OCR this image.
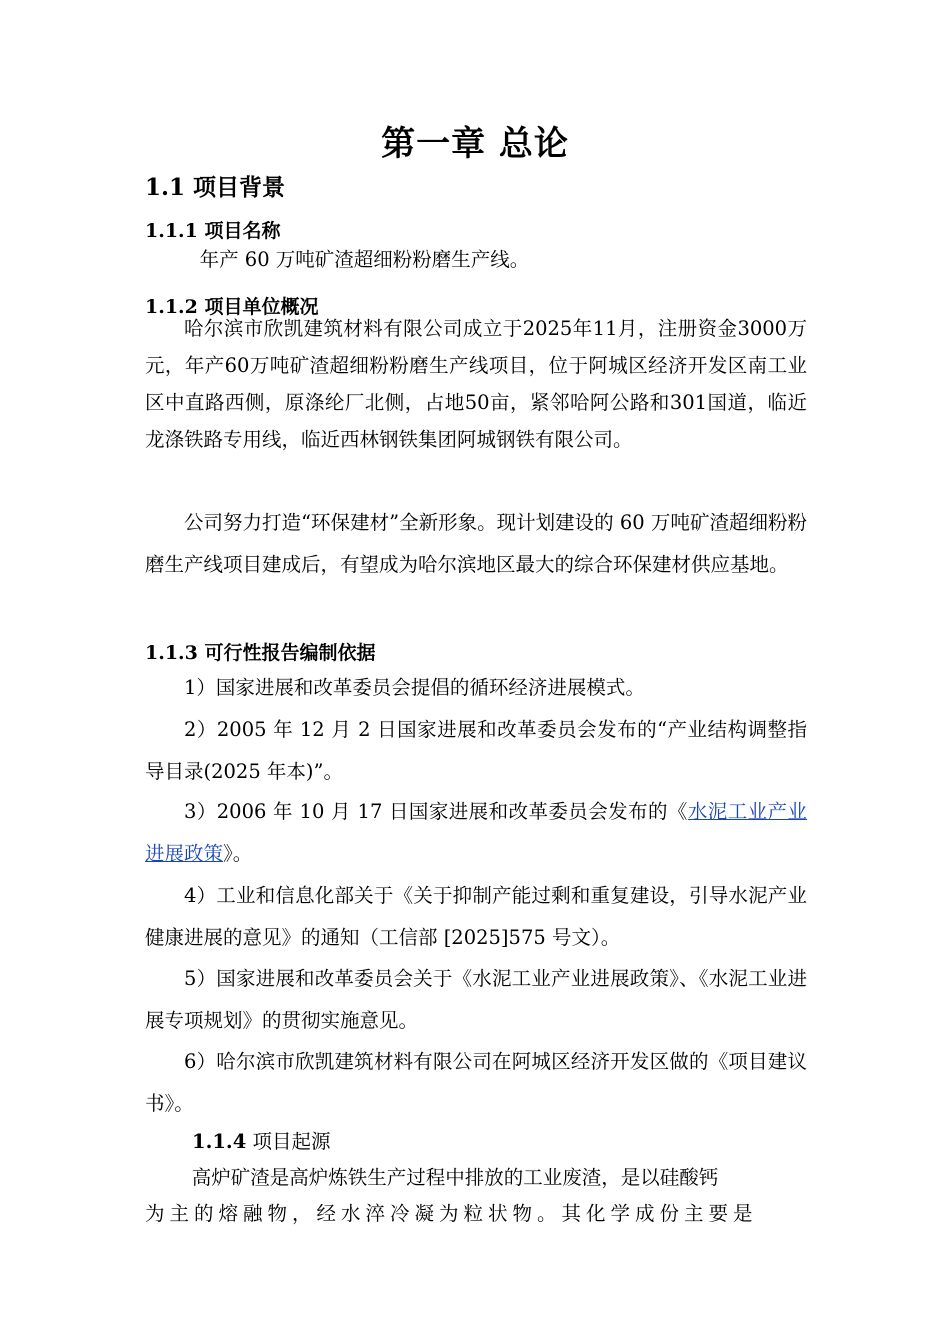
第一章 总论
1.1 项目背景
1.1.1 项目名称

年产 60 万吨矿渣超细粉粉磨生产线。

1.1.2 项目单位概况

哈尔滨市欣凯建筑材料有限公司成立于2025年11月，注册资金3000万元，年产60万吨矿渣超细粉粉磨生产线项目，位于阿城区经济开发区南工业区中直路西侧，原涤纶厂北侧，占地50亩，紧邻哈阿公路和301国道，临近龙涤铁路专用线，临近西林钢铁集团阿城钢铁有限公司。

公司努力打造“环保建材”全新形象。现计划建设的 60 万吨矿渣超细粉粉磨生产线项目建成后，有望成为哈尔滨地区最大的综合环保建材供应基地。

1.1.3 可行性报告编制依据

1）国家进展和改革委员会提倡的循环经济进展模式。

2）2005 年 12 月 2 日国家进展和改革委员会发布的“产业结构调整指导目录(2025 年本)”。

3）2006 年 10 月 17 日国家进展和改革委员会发布的《水泥工业产业进展政策》。

4）工业和信息化部关于《关于抑制产能过剩和重复建设，引导水泥产业健康进展的意见》的通知（工信部 [2025]575 号文）。

5）国家进展和改革委员会关于《水泥工业产业进展政策》、《水泥工业进展专项规划》的贯彻实施意见。

6）哈尔滨市欣凯建筑材料有限公司在阿城区经济开发区做的《项目建议书》。

1.1.4 项目起源
高炉矿渣是高炉炼铁生产过程中排放的工业废渣，是以硅酸钙
为主的熔融物，经水淬冷凝为粒状物。其化学成份主要是
